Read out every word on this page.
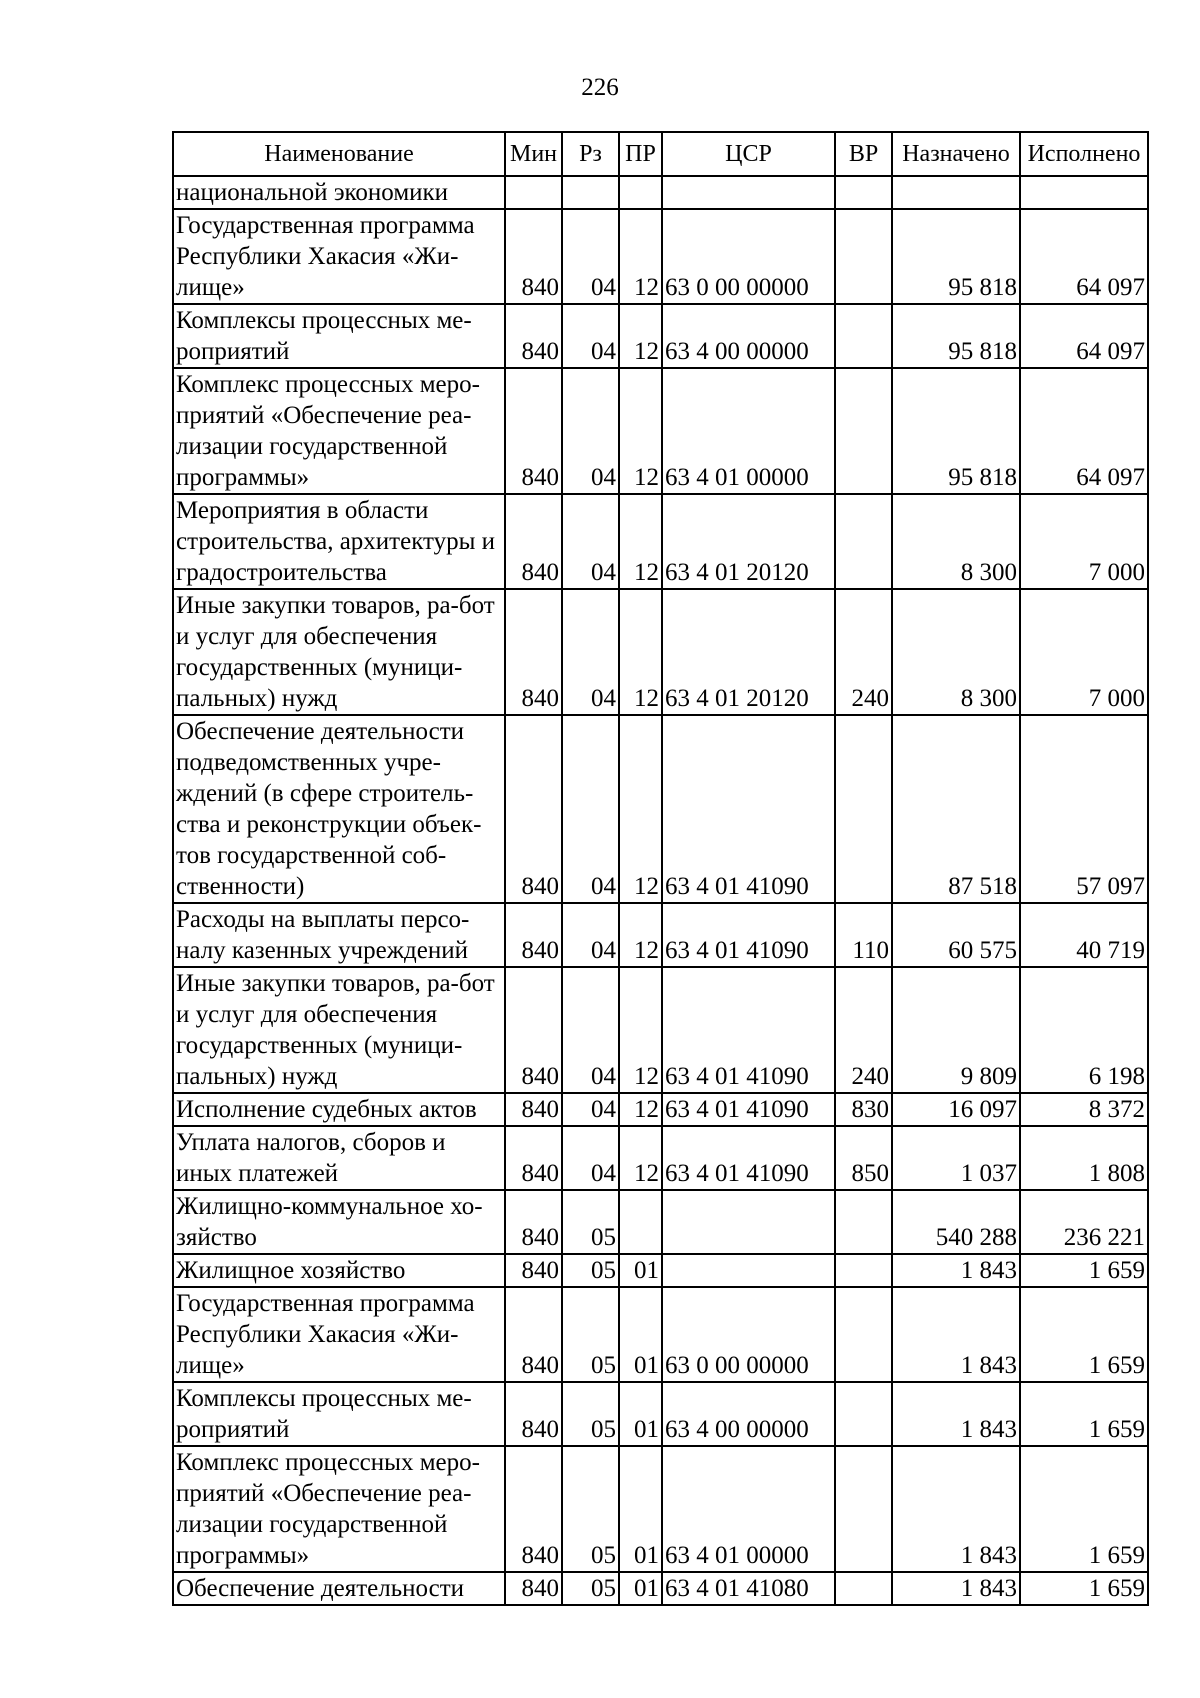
226
Наименование	Мин	Рз	ПР	ЦСР	ВР	Назначено	Исполнено
национальной экономики							
Государственная программа Республики Хакасия «Жи-лище»	840	04	12	63 0 00 00000		95 818	64 097
Комплексы процессных ме-роприятий	840	04	12	63 4 00 00000		95 818	64 097
Комплекс процессных меро-приятий «Обеспечение реа-лизации государственной программы»	840	04	12	63 4 01 00000		95 818	64 097
Мероприятия в области строительства, архитектуры и градостроительства	840	04	12	63 4 01 20120		8 300	7 000
Иные закупки товаров, ра-бот и услуг для обеспечения государственных (муници-пальных) нужд	840	04	12	63 4 01 20120	240	8 300	7 000
Обеспечение деятельности подведомственных учре-ждений (в сфере строитель-ства и реконструкции объек-тов государственной соб-ственности)	840	04	12	63 4 01 41090		87 518	57 097
Расходы на выплаты персо-налу казенных учреждений	840	04	12	63 4 01 41090	110	60 575	40 719
Иные закупки товаров, ра-бот и услуг для обеспечения государственных (муници-пальных) нужд	840	04	12	63 4 01 41090	240	9 809	6 198
Исполнение судебных актов	840	04	12	63 4 01 41090	830	16 097	8 372
Уплата налогов, сборов и иных платежей	840	04	12	63 4 01 41090	850	1 037	1 808
Жилищно-коммунальное хо-зяйство	840	05				540 288	236 221
Жилищное хозяйство	840	05	01			1 843	1 659
Государственная программа Республики Хакасия «Жи-лище»	840	05	01	63 0 00 00000		1 843	1 659
Комплексы процессных ме-роприятий	840	05	01	63 4 00 00000		1 843	1 659
Комплекс процессных меро-приятий «Обеспечение реа-лизации государственной программы»	840	05	01	63 4 01 00000		1 843	1 659
Обеспечение деятельности	840	05	01	63 4 01 41080		1 843	1 659
